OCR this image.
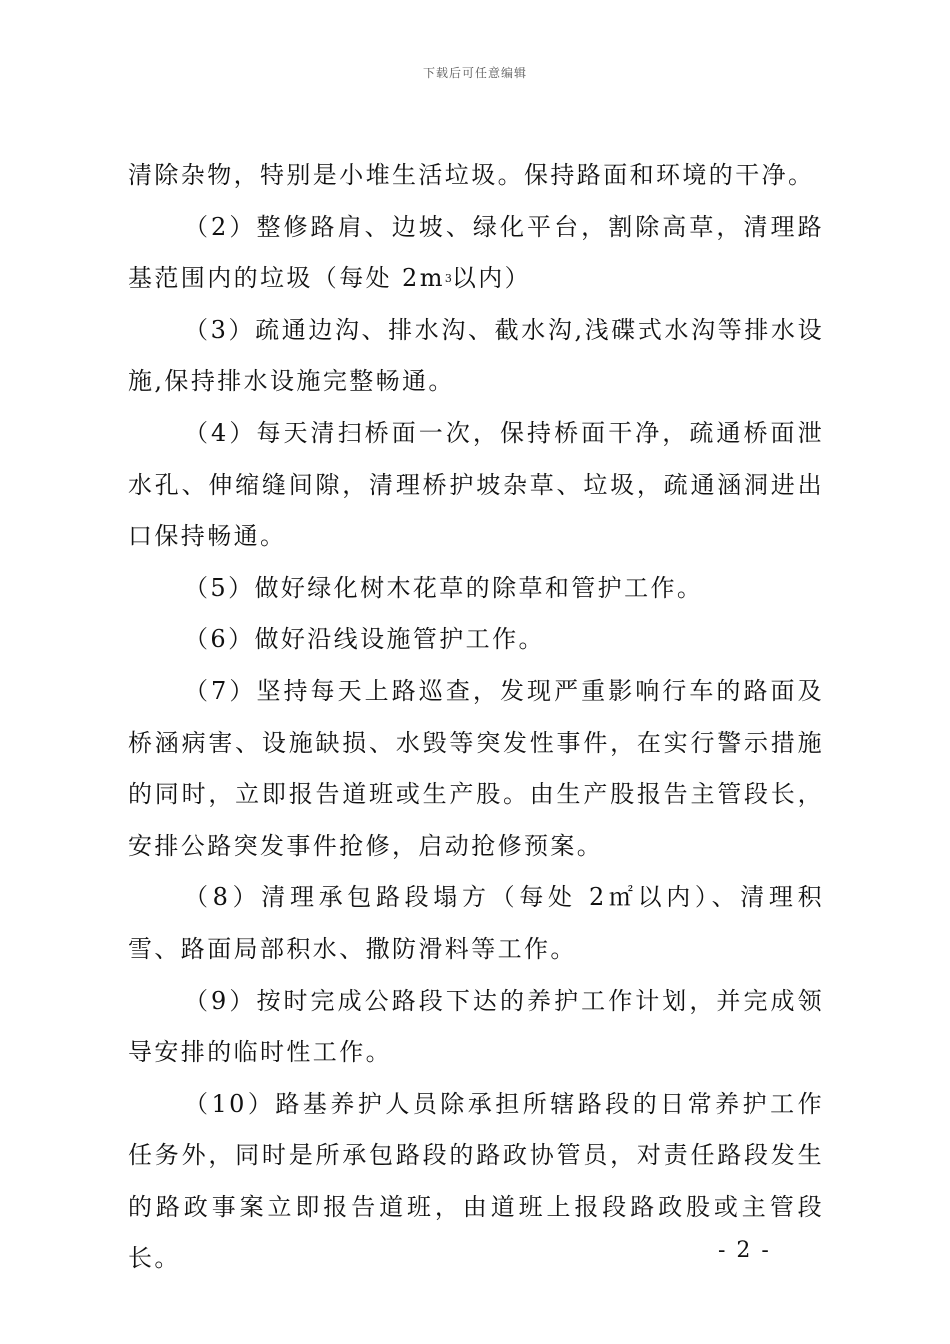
下载后可任意编辑

清除杂物，特别是小堆生活垃圾。保持路面和环境的干净。

（2）整修路肩、边坡、绿化平台，割除高草，清理路基范围内的垃圾（每处 $2m^3$以内）

（3）疏通边沟、排水沟、截水沟,浅碟式水沟等排水设施,保持排水设施完整畅通。

（4）每天清扫桥面一次，保持桥面干净，疏通桥面泄水孔、伸缩缝间隙，清理桥护坡杂草、垃圾，疏通涵洞进出口保持畅通。

（5）做好绿化树木花草的除草和管护工作。

（6）做好沿线设施管护工作。

（7）坚持每天上路巡查，发现严重影响行车的路面及桥涵病害、设施缺损、水毁等突发性事件，在实行警示措施的同时，立即报告道班或生产股。由生产股报告主管段长，安排公路突发事件抢修，启动抢修预案。

（8）清理承包路段塌方（每处 2㎡以内）、清理积雪、路面局部积水、撒防滑料等工作。

（9）按时完成公路段下达的养护工作计划，并完成领导安排的临时性工作。

（10）路基养护人员除承担所辖路段的日常养护工作任务外，同时是所承包路段的路政协管员，对责任路段发生的路政事案立即报告道班，由道班上报段路政股或主管段长。	- 2 -
